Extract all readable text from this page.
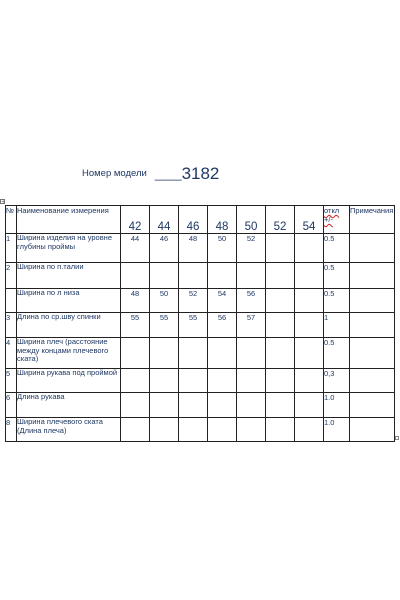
Номер модели ____ 3182
+
№	Наименование измерения	42	44	46	48	50	52	54	откл +/-	Примечания
1	Ширина изделия на уровне глубины проймы	44	46	48	50	52			0.5	
2	Ширина по п.талии								0.5	
	Ширина по л низа	48	50	52	54	56			0.5	
3	Длина по ср.шву спинки	55	55	55	56	57			1	
4	Ширина плеч (расстояние между концами плечевого ската)								0.5	
5	Ширина рукава под проймой								0,3	
6	Длина рукава								1.0	
8	Ширина плечевого ската (Длина плеча)								1.0	
